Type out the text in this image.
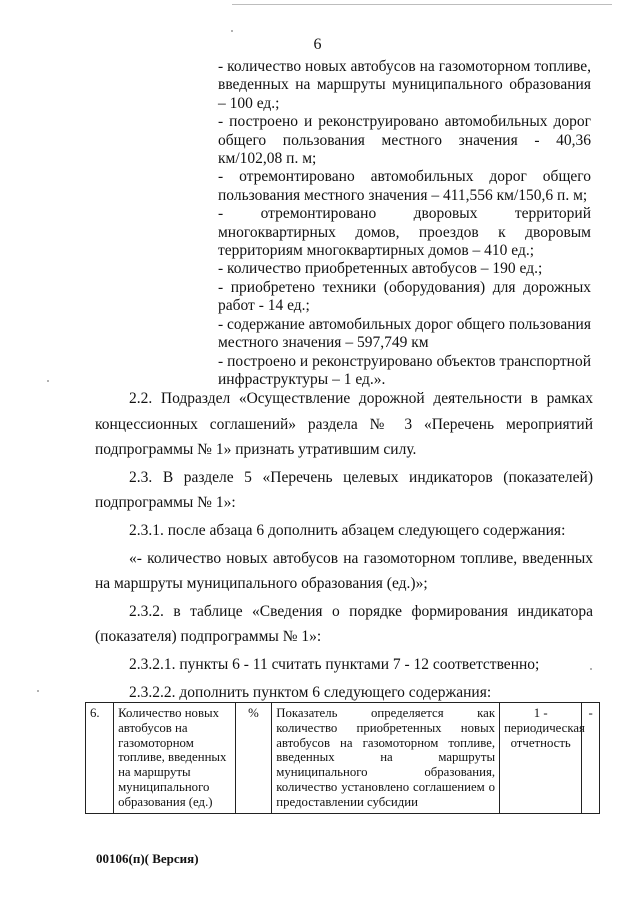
6

- количество новых автобусов на газомоторном топливе, введенных на маршруты муниципального образования – 100 ед.;

- построено и реконструировано автомобильных дорог общего пользования местного значения - 40,36 км/102,08 п. м;

- отремонтировано автомобильных дорог общего пользования местного значения – 411,556 км/150,6 п. м;

- отремонтировано дворовых территорий многоквартирных домов, проездов к дворовым территориям многоквартирных домов – 410 ед.;

- количество приобретенных автобусов – 190 ед.;

- приобретено техники (оборудования) для дорожных работ - 14 ед.;

- содержание автомобильных дорог общего пользования местного значения – 597,749 км

- построено и реконструировано объектов транспортной инфраструктуры – 1 ед.».

2.2. Подраздел «Осуществление дорожной деятельности в рамках концессионных соглашений» раздела № 3 «Перечень мероприятий подпрограммы № 1» признать утратившим силу.

2.3. В разделе 5 «Перечень целевых индикаторов (показателей) подпрограммы № 1»:

2.3.1. после абзаца 6 дополнить абзацем следующего содержания:

«- количество новых автобусов на газомоторном топливе, введенных на маршруты муниципального образования (ед.)»;

2.3.2. в таблице «Сведения о порядке формирования индикатора (показателя) подпрограммы № 1»:

2.3.2.1. пункты 6 - 11 считать пунктами 7 - 12 соответственно;

2.3.2.2. дополнить пунктом 6 следующего содержания:

6.	Количество новых автобусов на газомоторном топливе, введенных на маршруты муниципального образования (ед.)	%	Показатель определяется как количество приобретенных новых автобусов на газомоторном топливе, введенных на маршруты муниципального образования, количество установлено соглашением о предоставлении субсидии	1 - периодическая отчетность	-
00106(п)( Версия)
